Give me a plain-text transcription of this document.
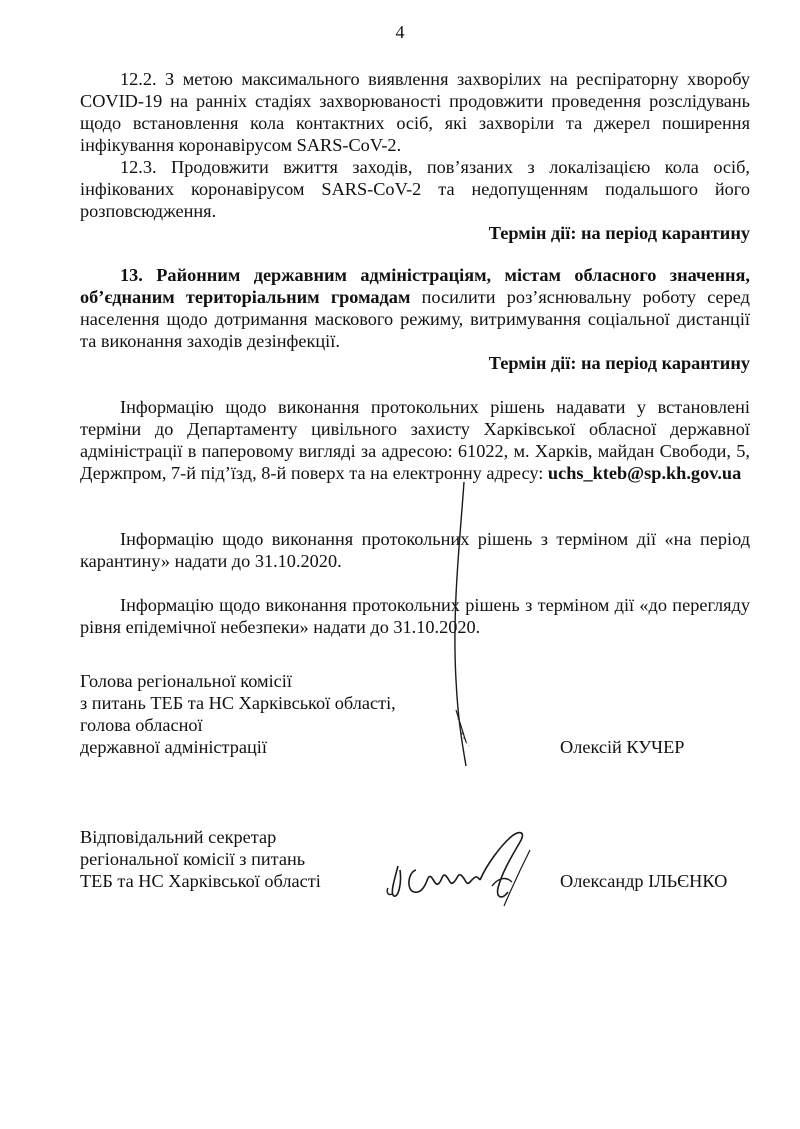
4

12.2. З метою максимального виявлення захворілих на респіраторну хворобу COVID-19 на ранніх стадіях захворюваності продовжити проведення розслідувань щодо встановлення кола контактних осіб, які захворіли та джерел поширення інфікування коронавірусом SARS-CoV-2.

12.3. Продовжити вжиття заходів, пов’язаних з локалізацією кола осіб, інфікованих коронавірусом SARS-CoV-2 та недопущенням подальшого його розповсюдження.

Термін дії: на період карантину

13. Районним державним адміністраціям, містам обласного значення, об’єднаним територіальним громадам посилити роз’яснювальну роботу серед населення щодо дотримання маскового режиму, витримування соціальної дистанції та виконання заходів дезінфекції.

Термін дії: на період карантину

Інформацію щодо виконання протокольних рішень надавати у встановлені терміни до Департаменту цивільного захисту Харківської обласної державної адміністрації в паперовому вигляді за адресою: 61022, м. Харків, майдан Свободи, 5, Держпром, 7-й під’їзд, 8-й поверх та на електронну адресу: uchs_kteb@sp.kh.gov.ua

Інформацію щодо виконання протокольних рішень з терміном дії «на період карантину» надати до 31.10.2020.

Інформацію щодо виконання протокольних рішень з терміном дії «до перегляду рівня епідемічної небезпеки» надати до 31.10.2020.

Голова регіональної комісії
з питань ТЕБ та НС Харківської області,
голова обласної
державної адміністрації	Олексій КУЧЕР
Відповідальний секретар
регіональної комісії з питань
ТЕБ та НС Харківської області	Олександр ІЛЬЄНКО
